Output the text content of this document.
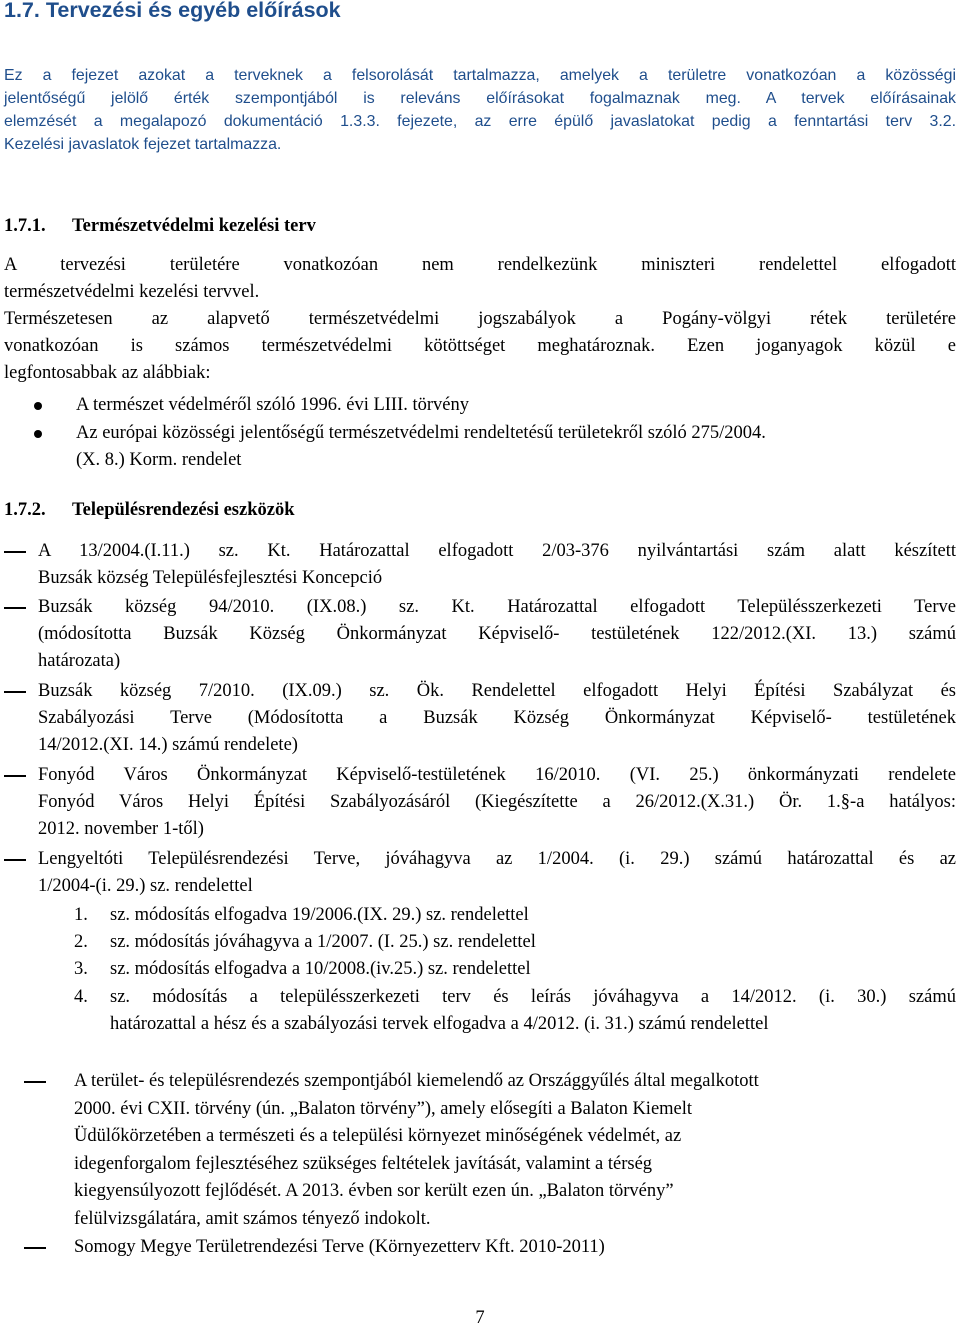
1.7. Tervezési és egyéb előírások
Ez a fejezet azokat a terveknek a felsorolását tartalmazza, amelyek a területre vonatkozóan a közösségi
jelentőségű jelölő érték szempontjából is releváns előírásokat fogalmaznak meg. A tervek előírásainak
elemzését a megalapozó dokumentáció 1.3.3. fejezete, az erre épülő javaslatokat pedig a fenntartási terv 3.2.
Kezelési javaslatok fejezet tartalmazza.
1.7.1. Természetvédelmi kezelési terv
A tervezési területére vonatkozóan nem rendelkezünk miniszteri rendelettel elfogadott
természetvédelmi kezelési tervvel.
Természetesen az alapvető természetvédelmi jogszabályok a Pogány-völgyi rétek területére
vonatkozóan is számos természetvédelmi kötöttséget meghatároznak. Ezen joganyagok közül e
legfontosabbak az alábbiak:
A természet védelméről szóló 1996. évi LIII. törvény
Az európai közösségi jelentőségű természetvédelmi rendeltetésű területekről szóló 275/2004.
(X. 8.) Korm. rendelet
1.7.2. Településrendezési eszközök
A 13/2004.(I.11.) sz. Kt. Határozattal elfogadott 2/03-376 nyilvántartási szám alatt készített
Buzsák község Településfejlesztési Koncepció
Buzsák község 94/2010. (IX.08.) sz. Kt. Határozattal elfogadott Településszerkezeti Terve
(módosította Buzsák Község Önkormányzat Képviselő- testületének 122/2012.(XI. 13.) számú
határozata)
Buzsák község 7/2010. (IX.09.) sz. Ök. Rendelettel elfogadott Helyi Építési Szabályzat és
Szabályozási Terve (Módosította a Buzsák Község Önkormányzat Képviselő- testületének
14/2012.(XI. 14.) számú rendelete)
Fonyód Város Önkormányzat Képviselő-testületének 16/2010. (VI. 25.) önkormányzati rendelete
Fonyód Város Helyi Építési Szabályozásáról (Kiegészítette a 26/2012.(X.31.) Ör. 1.§-a hatályos:
2012. november 1-től)
Lengyeltóti Településrendezési Terve, jóváhagyva az 1/2004. (i. 29.) számú határozattal és az
1/2004-(i. 29.) sz. rendelettel
1. sz. módosítás elfogadva 19/2006.(IX. 29.) sz. rendelettel
2. sz. módosítás jóváhagyva a 1/2007. (I. 25.) sz. rendelettel
3. sz. módosítás elfogadva a 10/2008.(iv.25.) sz. rendelettel
4. sz. módosítás a településszerkezeti terv és leírás jóváhagyva a 14/2012. (i. 30.) számú
határozattal a hész és a szabályozási tervek elfogadva a 4/2012. (i. 31.) számú rendelettel
A terület- és településrendezés szempontjából kiemelendő az Országgyűlés által megalkotott
2000. évi CXII. törvény (ún. „Balaton törvény”), amely elősegíti a Balaton Kiemelt
Üdülőkörzetében a természeti és a települési környezet minőségének védelmét, az
idegenforgalom fejlesztéséhez szükséges feltételek javítását, valamint a térség
kiegyensúlyozott fejlődését. A 2013. évben sor került ezen ún. „Balaton törvény”
felülvizsgálatára, amit számos tényező indokolt.
Somogy Megye Területrendezési Terve (Környezetterv Kft. 2010-2011)
7
